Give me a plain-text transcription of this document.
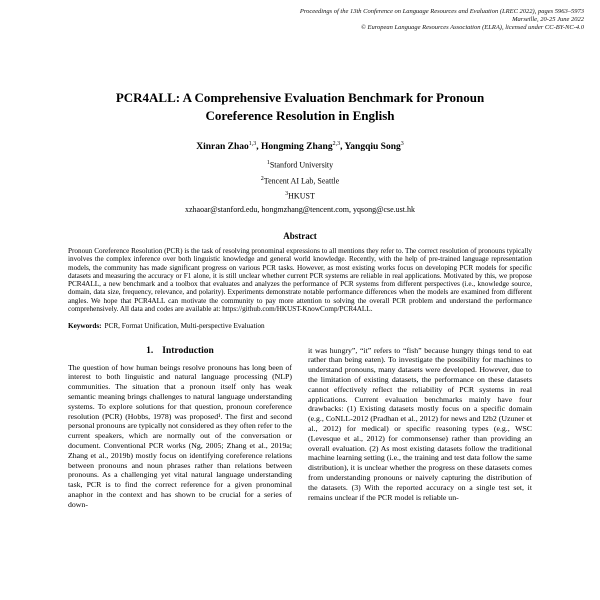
Proceedings of the 13th Conference on Language Resources and Evaluation (LREC 2022), pages 5963–5973
Marseille, 20-25 June 2022
© European Language Resources Association (ELRA), licensed under CC-BY-NC-4.0
PCR4ALL: A Comprehensive Evaluation Benchmark for Pronoun Coreference Resolution in English
Xinran Zhao$^{1,3}$, Hongming Zhang$^{2,3}$, Yangqiu Song$^3$
$^1$Stanford University
$^2$Tencent AI Lab, Seattle
$^3$HKUST
xzhaoar@stanford.edu, hongmzhang@tencent.com, yqsong@cse.ust.hk
Abstract

Pronoun Coreference Resolution (PCR) is the task of resolving pronominal expressions to all mentions they refer to. The correct resolution of pronouns typically involves the complex inference over both linguistic knowledge and general world knowledge. Recently, with the help of pre-trained language representation models, the community has made significant progress on various PCR tasks. However, as most existing works focus on developing PCR models for specific datasets and measuring the accuracy or F1 alone, it is still unclear whether current PCR systems are reliable in real applications. Motivated by this, we propose PCR4ALL, a new benchmark and a toolbox that evaluates and analyzes the performance of PCR systems from different perspectives (i.e., knowledge source, domain, data size, frequency, relevance, and polarity). Experiments demonstrate notable performance differences when the models are examined from different angles. We hope that PCR4ALL can motivate the community to pay more attention to solving the overall PCR problem and understand the performance comprehensively. All data and codes are available at: https://github.com/HKUST-KnowComp/PCR4ALL.

Keywords: PCR, Format Unification, Multi-perspective Evaluation

1. Introduction

The question of how human beings resolve pronouns has long been of interest to both linguistic and natural language processing (NLP) communities. The situation that a pronoun itself only has weak semantic meaning brings challenges to natural language understanding systems. To explore solutions for that question, pronoun coreference resolution (PCR) (Hobbs, 1978) was proposed¹. The first and second personal pronouns are typically not considered as they often refer to the current speakers, which are normally out of the conversation or document. Conventional PCR works (Ng, 2005; Zhang et al., 2019a; Zhang et al., 2019b) mostly focus on identifying coreference relations between pronouns and noun phrases rather than relations between pronouns. As a challenging yet vital natural language understanding task, PCR is to find the correct reference for a given pronominal anaphor in the context and has shown to be crucial for a series of down-

it was hungry”, “it” refers to “fish” because hungry things tend to eat rather than being eaten). To investigate the possibility for machines to understand pronouns, many datasets were developed. However, due to the limitation of existing datasets, the performance on these datasets cannot effectively reflect the reliability of PCR systems in real applications. Current evaluation benchmarks mainly have four drawbacks: (1) Existing datasets mostly focus on a specific domain (e.g., CoNLL-2012 (Pradhan et al., 2012) for news and I2b2 (Uzuner et al., 2012) for medical) or specific reasoning types (e.g., WSC (Levesque et al., 2012) for commonsense) rather than providing an overall evaluation. (2) As most existing datasets follow the traditional machine learning setting (i.e., the training and test data follow the same distribution), it is unclear whether the progress on these datasets comes from understanding pronouns or naively capturing the distribution of the datasets. (3) With the reported accuracy on a single test set, it remains unclear if the PCR model is reliable un-
